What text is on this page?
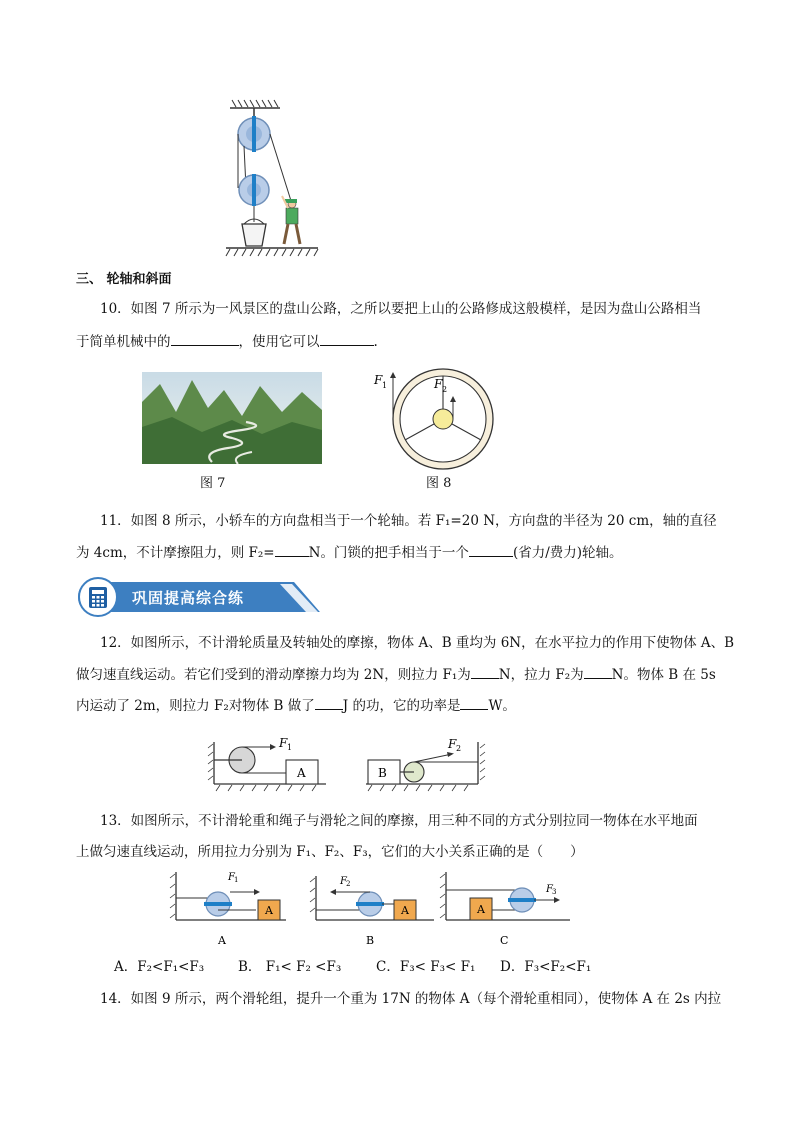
三、 轮轴和斜面
10．如图 7 所示为一风景区的盘山公路，之所以要把上山的公路修成这般模样，是因为盘山公路相当
于简单机械中的	，使用它可以	.
图 7
F 1	F 2
图 8
11．如图 8 所示，小轿车的方向盘相当于一个轮轴。若 F₁=20 N，方向盘的半径为 20 cm，轴的直径
为 4cm，不计摩擦阻力，则 F₂=	N。门锁的把手相当于一个	(省力/费力)轮轴。
巩固提高综合练
12．如图所示，不计滑轮质量及转轴处的摩擦，物体 A、B 重均为 6N，在水平拉力的作用下使物体 A、B
做匀速直线运动。若它们受到的滑动摩擦力均为 2N，则拉力 F₁为 N，拉力 F₂为 N。物体 B 在 5s
内运动了 2m，则拉力 F₂对物体 B 做了 J 的功，它的功率是 W。
A
F 1
B
F 2
13．如图所示，不计滑轮重和绳子与滑轮之间的摩擦，用三种不同的方式分别拉同一物体在水平地面
上做匀速直线运动，所用拉力分别为 F₁、F₂、F₃，它们的大小关系正确的是（　　）
F 1
A
A
F 2
A
B
A
F 3
C
A．F₂<F₁<F₃	B． F₁< F₂ <F₃	C．F₃< F₃< F₁ D．F₃<F₂<F₁
14．如图 9 所示，两个滑轮组，提升一个重为 17N 的物体 A（每个滑轮重相同），使物体 A 在 2s 内拉
